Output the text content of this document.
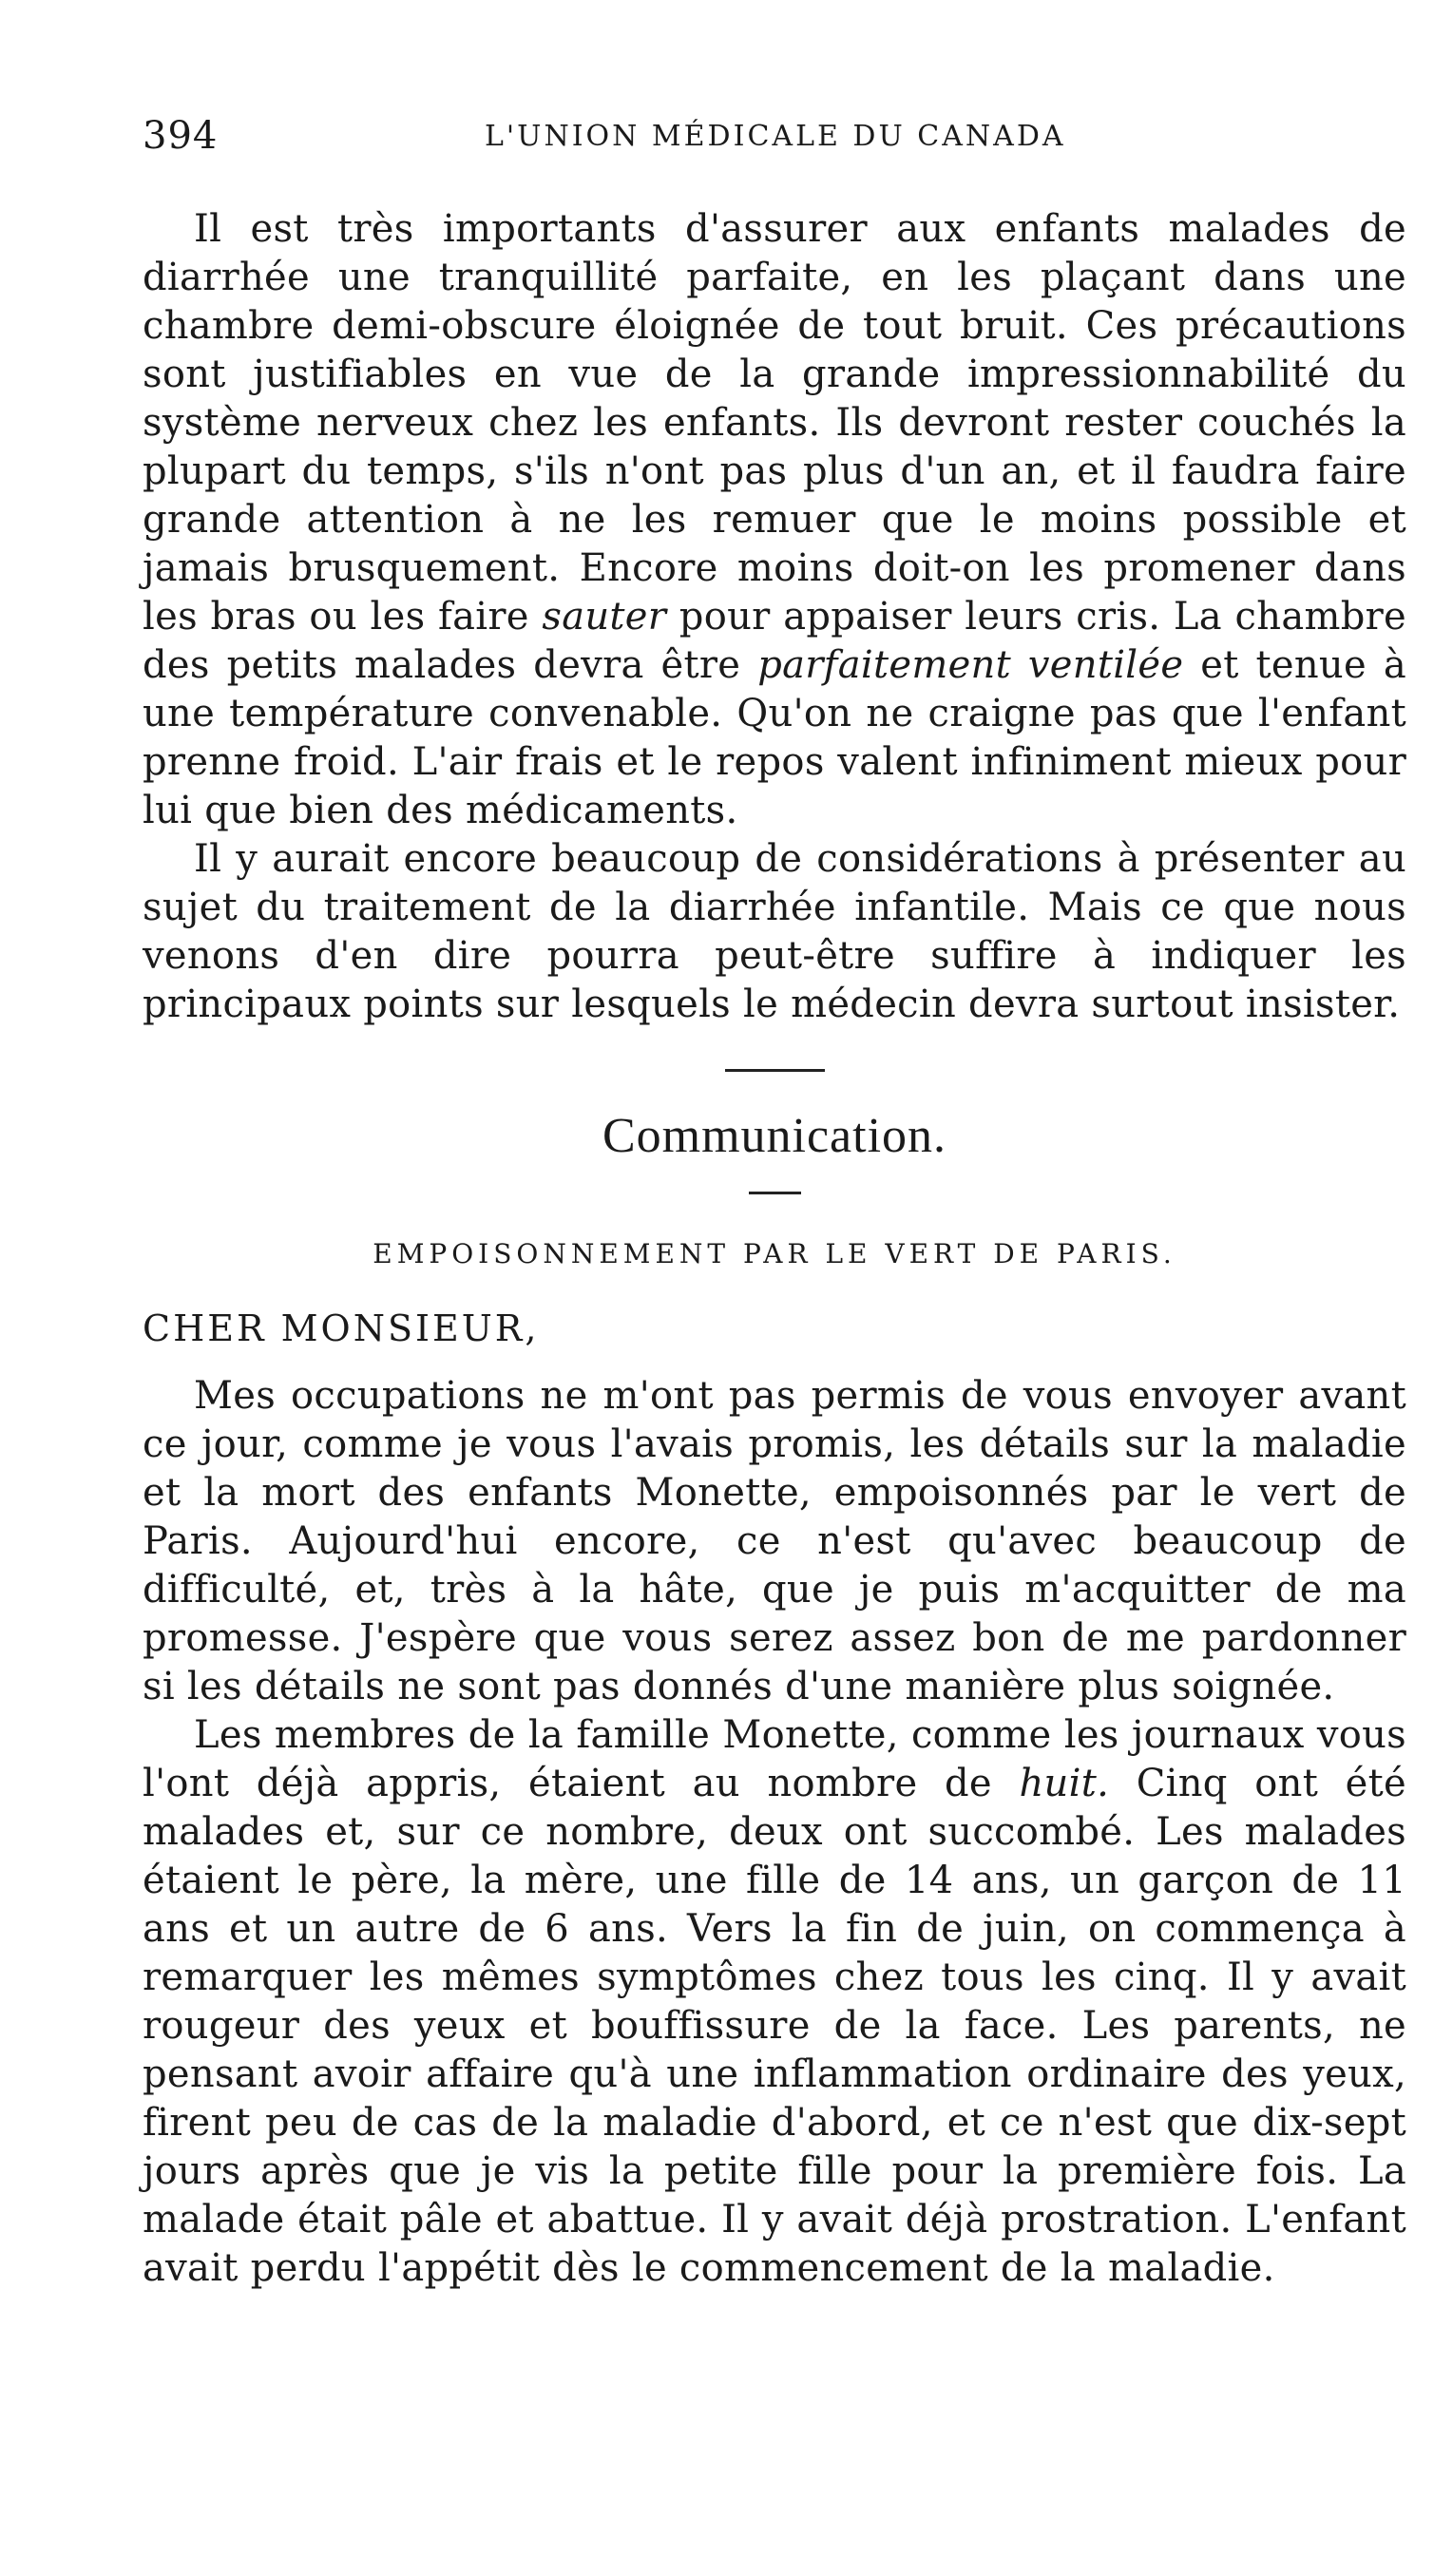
394	L'UNION MÉDICALE DU CANADA

Il est très importants d'assurer aux enfants malades de diarrhée une tranquillité parfaite, en les plaçant dans une chambre demi-obscure éloignée de tout bruit. Ces précautions sont justifiables en vue de la grande impressionnabilité du système nerveux chez les enfants. Ils devront rester couchés la plupart du temps, s'ils n'ont pas plus d'un an, et il faudra faire grande attention à ne les remuer que le moins possible et jamais brusquement. Encore moins doit-on les promener dans les bras ou les faire sauter pour appaiser leurs cris. La chambre des petits malades devra être parfaitement ventilée et tenue à une température convenable. Qu'on ne craigne pas que l'enfant prenne froid. L'air frais et le repos valent infiniment mieux pour lui que bien des médicaments.

Il y aurait encore beaucoup de considérations à présenter au sujet du traitement de la diarrhée infantile. Mais ce que nous venons d'en dire pourra peut-être suffire à indiquer les principaux points sur lesquels le médecin devra surtout insister.

Communication.
EMPOISONNEMENT PAR LE VERT DE PARIS.
CHER MONSIEUR,

Mes occupations ne m'ont pas permis de vous envoyer avant ce jour, comme je vous l'avais promis, les détails sur la maladie et la mort des enfants Monette, empoisonnés par le vert de Paris. Aujourd'hui encore, ce n'est qu'avec beaucoup de difficulté, et, très à la hâte, que je puis m'acquitter de ma promesse. J'espère que vous serez assez bon de me pardonner si les détails ne sont pas donnés d'une manière plus soignée.

Les membres de la famille Monette, comme les journaux vous l'ont déjà appris, étaient au nombre de huit. Cinq ont été malades et, sur ce nombre, deux ont succombé. Les malades étaient le père, la mère, une fille de 14 ans, un garçon de 11 ans et un autre de 6 ans. Vers la fin de juin, on commença à remarquer les mêmes symptômes chez tous les cinq. Il y avait rougeur des yeux et bouffissure de la face. Les parents, ne pensant avoir affaire qu'à une inflammation ordinaire des yeux, firent peu de cas de la maladie d'abord, et ce n'est que dix-sept jours après que je vis la petite fille pour la première fois. La malade était pâle et abattue. Il y avait déjà prostration. L'enfant avait perdu l'appétit dès le commencement de la maladie.
